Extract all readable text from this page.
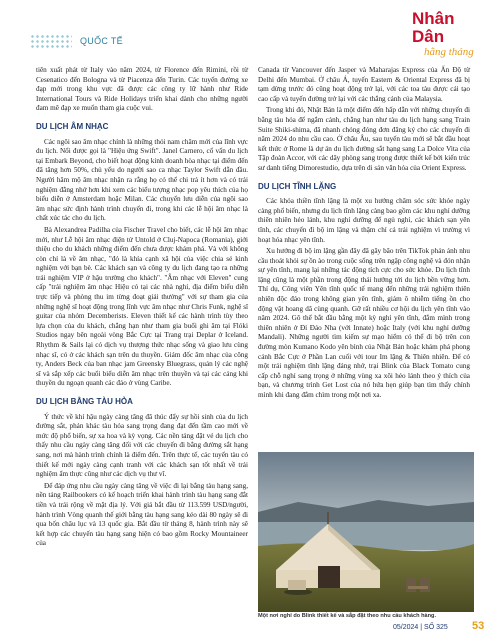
QUỐC TẾ
Nhân Dân
hằng tháng

tiên xuất phát từ Italy vào năm 2024, từ Florence đến Rimini, rồi từ Cesenatico đến Bologna và từ Piacenza đến Turin. Các tuyến đường xe đạp mới trong khu vực đã được các công ty lữ hành như Ride International Tours và Ride Holidays triển khai dành cho những người đam mê đạp xe muốn tham gia cuộc vui.

DU LỊCH ÂM NHẠC

Các ngôi sao âm nhạc chính là những thỏi nam châm mới của lĩnh vực du lịch. Nổi được gọi là "Hiệu ứng Swift". Janel Carnero, cố vấn du lịch tại Embark Beyond, cho biết hoạt động kinh doanh hòa nhạc tại điểm đến đã tăng hơn 50%, chủ yếu do người sao ca nhạc Taylor Swift dẫn đầu. Người hâm mộ âm nhạc nhận ra rằng họ có thể chi trả ít hơn và có trải nghiệm đẳng nhớ hơn khi xem các biểu tượng nhạc pop yêu thích của họ biểu diễn ở Amsterdam hoặc Milan. Các chuyến lưu diễn của ngôi sao âm nhạc sức định hành trình chuyến đi, trong khi các lễ hội âm nhạc là chất xúc tác cho du lịch.

Bà Alexandrea Padilha của Fischer Travel cho biết, các lễ hội âm nhạc mới, như Lễ hội âm nhạc điện tử Untold ở Cluj-Napoca (Romania), giới thiệu cho du khách những điểm đến chưa được khám phá. Và với không còn chỉ là về âm nhạc, "đó là khía cạnh xã hội của việc chia sẻ kinh nghiệm với bạn bè. Các khách sạn và công ty du lịch đang tạo ra những trải nghiệm VIP ở hậu trường cho khách". "Âm nhạc với Eleven" cung cấp "trải nghiệm âm nhạc Hiệu có tại các nhà nghỉ, địa điểm biểu diễn trực tiếp và phòng thu im từng đoạt giải thưởng" với sự tham gia của những nghệ sĩ hoạt động trong lĩnh vực âm nhạc như Chris Funk, nghệ sĩ guitar của nhóm Decemberists. Eleven thiết kế các hành trình tùy theo lựa chọn của du khách, chẳng hạn như tham gia buổi ghi âm tại Flóki Studios ngay bên ngoài vòng Bắc Cực tại Trang trại Deplar ở Iceland. Rhythm & Sails lại có dịch vụ thượng thức nhạc sống và giao lưu cùng nhạc sĩ, có ở các khách sạn trên du thuyền. Giám đốc âm nhạc của công ty, Anders Beck của ban nhạc jam Greensky Bluegrass, quản lý các nghệ sĩ và sắp xếp các buổi biểu diễn âm nhạc trên thuyền và tại các cảng khi thuyền du ngoạn quanh các đảo ở vùng Caribe.

DU LỊCH BẰNG TÀU HỎA

Ý thức về khí hậu ngày càng tăng đã thúc đẩy sự hồi sinh của du lịch đường sắt, phản khác tàu hỏa sang trọng đang đạt đến tầm cao mới về mức độ phổ biến, sự xa hoa và kỳ vọng. Các nền tảng đặt vé du lịch cho thấy nhu cầu ngày càng tăng đối với các chuyến đi bằng đường sắt hạng sang, nơi mà hành trình chính là điểm đến. Trên thực tế, các tuyến tàu có thiết kế mới ngày càng cạnh tranh với các khách sạn tốt nhất về trải nghiệm ẩm thực cũng như các dịch vụ thư vĩ.

Để đáp ứng nhu cầu ngày càng tăng về việc đi lại bằng tàu hạng sang, nền tảng Railbookers có kế hoạch triển khai hành trình tàu hạng sang đắt tiền và trải rộng về mặt địa lý. Với giá bắt đầu từ 113.599 USD/người, hành trình Vòng quanh thế giới bằng tàu hạng sang kéo dài 80 ngày sẽ đi qua bốn châu lục và 13 quốc gia. Bắt đầu từ tháng 8, hành trình này sẽ kết hợp các chuyến tàu hạng sang hiện có bao gồm Rocky Mountaineer của

Canada từ Vancouver đến Jasper và Maharajas Express của Ấn Độ từ Delhi đến Mumbai. Ở châu Á, tuyến Eastern & Oriental Express đã bị tạm dừng trước đó cũng hoạt động trở lại, với các toa tàu được cải tạo cao cấp và tuyến đường trở lại với các thắng cảnh của Malaysia.

Trong khi đó, Nhật Bản là một điểm đến hấp dẫn với những chuyến đi bằng tàu hỏa để ngắm cảnh, chẳng hạn như tàu du lịch hạng sang Train Suite Shiki-shima, đã nhanh chóng đóng đơn đăng ký cho các chuyến đi năm 2024 do nhu cầu cao. Ở châu Âu, sau tuyến tàu mới sẽ bắt đầu hoạt kết thức ở Rome là dự án du lịch đường sắt hạng sang La Dolce Vita của Tập đoàn Accor, với các dãy phòng sang trọng được thiết kế bởi kiến trúc sư danh tiếng Dimorestudio, dựa trên di sản văn hóa của Orient Express.

DU LỊCH TĨNH LẶNG

Các khóa thiền tĩnh lặng là một xu hướng chăm sóc sức khỏe ngày càng phổ biến, nhưng du lịch tĩnh lặng càng bao gồm các khu nghỉ dưỡng thiên nhiên hẻo lánh, khu nghỉ dưỡng để ngủ nghỉ, các khách sạn yên tĩnh, các chuyến đi bộ im lặng và thậm chí cả trải nghiệm vì trường vì hoạt hóa nhạc yên tĩnh.

Xu hướng đi bộ im lặng gần đây đã gây bão trên TikTok phản ánh nhu cầu thoát khỏi sự ồn ào trong cuộc sống trên ngập công nghệ và đón nhận sự yên tĩnh, mang lại những tác động tích cực cho sức khỏe. Du lịch tĩnh lặng cũng là một phần trong động thái hướng tới du lịch bền vững hơn. Thí dụ, Công viên Yên tĩnh quốc tế mang đến những trải nghiệm thiên nhiên độc đáo trong không gian yên tĩnh, giảm ô nhiễm tiếng ồn cho động vật hoang dã cùng quanh. Gỡ rất nhiều cơ hội du lịch yên tĩnh vào năm 2024. Gõ thể bắt đầu bằng một kỳ nghỉ yên tĩnh, đắm mình trong thiên nhiên ở Đỉ Đảo Nha (với Innate) hoặc Italy (với khu nghỉ dưỡng Mandali). Những người tìm kiếm sự mạo hiểm có thể đi bộ trên con đường mòn Kumano Kodo yên bình của Nhật Bản hoặc khám phá phong cảnh Bắc Cực ở Phần Lan cuối với tour Im lặng & Thiên nhiên. Để có một trải nghiệm tĩnh lặng đáng nhớ, trại Blink của Black Tomato cung cấp chỗ nghỉ sang trọng ở những vùng xa xôi hẻo lánh theo ý thích của bạn, và chương trình Get Lost của nó hứa hẹn giúp bạn tìm thấy chính mình khi đang đắm chìm trong một nơi xa.

Một nơi nghỉ do Blink thiết kế và sắp đặt theo nhu cầu khách hàng.
05/2024 | SỐ 325 53
